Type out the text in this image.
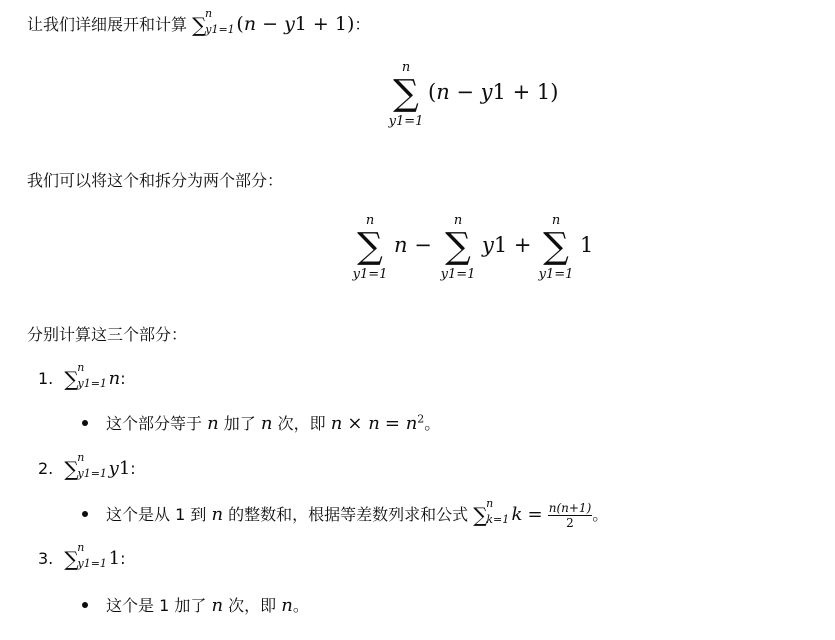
让我们详细展开和计算 ∑
n
y1=1 (n − y1 + 1)：
n
∑
y1=1
(n − y1 + 1)
我们可以将这个和拆分为两个部分：
n
∑
y1=1
n −
n
∑
y1=1
y1 +
n
∑
y1=1
1
分别计算这三个部分：
1. ∑
n
y1=1 n:
这个部分等于 n 加了 n 次，即 $n \times n = n^2$。
2. ∑
n
y1=1 y1:
这个是从 1 到 n 的整数和，根据等差数列求和公式 ∑
n
k=1 $k = \frac{n(n+1)}{2}$ 。
3. ∑
n
y1=1 1:
这个是 1 加了 n 次，即 n。
